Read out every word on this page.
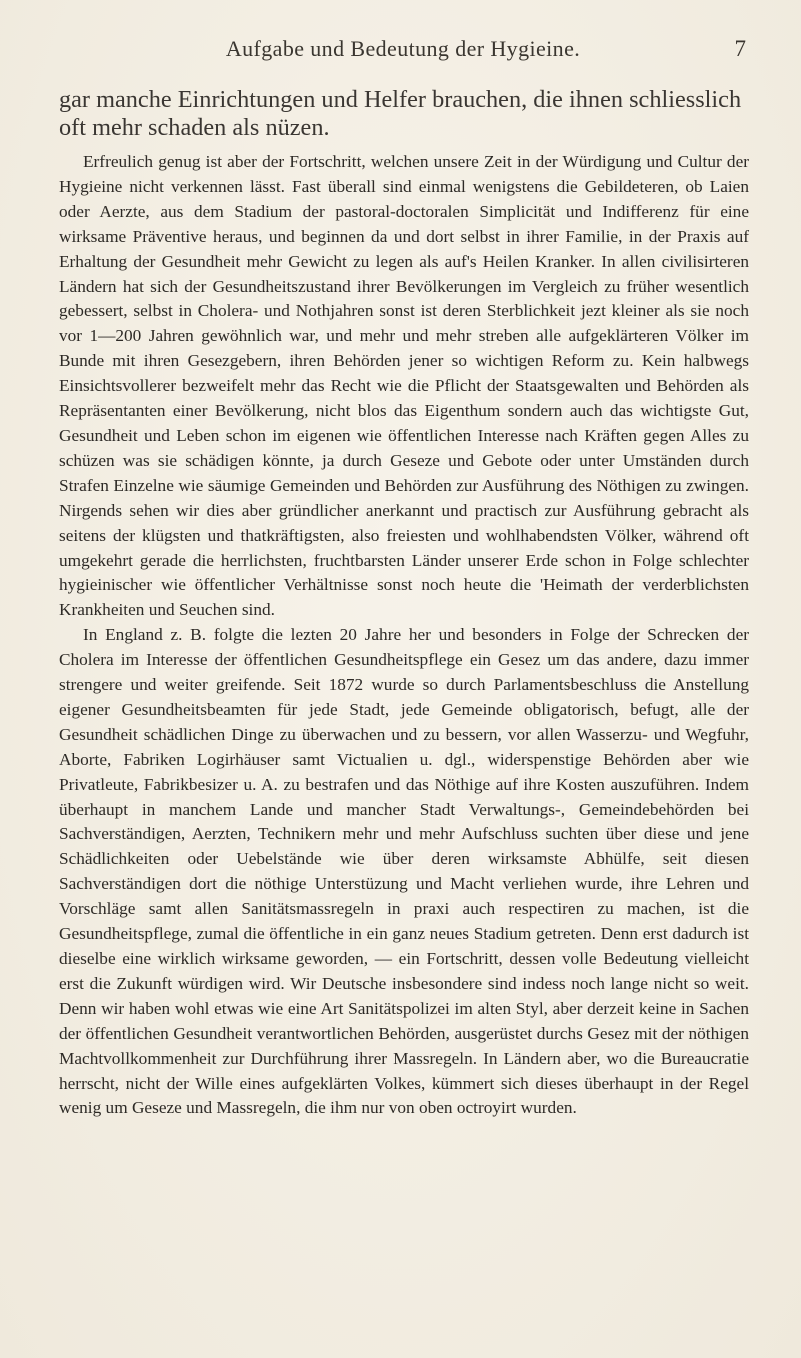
Aufgabe und Bedeutung der Hygieine.	7

gar manche Einrichtungen und Helfer brauchen, die ihnen schliesslich
oft mehr schaden als nüzen.

Erfreulich genug ist aber der Fortschritt, welchen unsere Zeit in der Würdigung und Cultur der Hygieine nicht verkennen lässt. Fast überall sind einmal wenigstens die Gebildeteren, ob Laien oder Aerzte, aus dem Stadium der pastoral-doctoralen Simplicität und Indifferenz für eine wirksame Präventive heraus, und beginnen da und dort selbst in ihrer Familie, in der Praxis auf Erhaltung der Gesundheit mehr Gewicht zu legen als auf's Heilen Kranker. In allen civilisirteren Ländern hat sich der Gesundheitszustand ihrer Bevölkerungen im Vergleich zu früher wesentlich gebessert, selbst in Cholera- und Nothjahren sonst ist deren Sterblichkeit jezt kleiner als sie noch vor 1—200 Jahren gewöhnlich war, und mehr und mehr streben alle aufgeklärteren Völker im Bunde mit ihren Gesezgebern, ihren Behörden jener so wichtigen Reform zu. Kein halbwegs Einsichtsvollerer bezweifelt mehr das Recht wie die Pflicht der Staatsgewalten und Behörden als Repräsentanten einer Bevölkerung, nicht blos das Eigenthum sondern auch das wichtigste Gut, Gesundheit und Leben schon im eigenen wie öffentlichen Interesse nach Kräften gegen Alles zu schüzen was sie schädigen könnte, ja durch Geseze und Gebote oder unter Umständen durch Strafen Einzelne wie säumige Gemeinden und Behörden zur Ausführung des Nöthigen zu zwingen. Nirgends sehen wir dies aber gründlicher anerkannt und practisch zur Ausführung gebracht als seitens der klügsten und thatkräftigsten, also freiesten und wohlhabendsten Völker, während oft umgekehrt gerade die herrlichsten, fruchtbarsten Länder unserer Erde schon in Folge schlechter hygieinischer wie öffentlicher Verhältnisse sonst noch heute die 'Heimath der verderblichsten Krankheiten und Seuchen sind.

In England z. B. folgte die lezten 20 Jahre her und besonders in Folge der Schrecken der Cholera im Interesse der öffentlichen Gesundheitspflege ein Gesez um das andere, dazu immer strengere und weiter greifende. Seit 1872 wurde so durch Parlamentsbeschluss die Anstellung eigener Gesundheitsbeamten für jede Stadt, jede Gemeinde obligatorisch, befugt, alle der Gesundheit schädlichen Dinge zu überwachen und zu bessern, vor allen Wasserzu- und Wegfuhr, Aborte, Fabriken Logirhäuser samt Victualien u. dgl., widerspenstige Behörden aber wie Privatleute, Fabrikbesizer u. A. zu bestrafen und das Nöthige auf ihre Kosten auszuführen. Indem überhaupt in manchem Lande und mancher Stadt Verwaltungs-, Gemeindebehörden bei Sachverständigen, Aerzten, Technikern mehr und mehr Aufschluss suchten über diese und jene Schädlichkeiten oder Uebelstände wie über deren wirksamste Abhülfe, seit diesen Sachverständigen dort die nöthige Unterstüzung und Macht verliehen wurde, ihre Lehren und Vorschläge samt allen Sanitätsmassregeln in praxi auch respectiren zu machen, ist die Gesundheitspflege, zumal die öffentliche in ein ganz neues Stadium getreten. Denn erst dadurch ist dieselbe eine wirklich wirksame geworden, — ein Fortschritt, dessen volle Bedeutung vielleicht erst die Zukunft würdigen wird. Wir Deutsche insbesondere sind indess noch lange nicht so weit. Denn wir haben wohl etwas wie eine Art Sanitätspolizei im alten Styl, aber derzeit keine in Sachen der öffentlichen Gesundheit verantwortlichen Behörden, ausgerüstet durchs Gesez mit der nöthigen Machtvollkommenheit zur Durchführung ihrer Massregeln. In Ländern aber, wo die Bureaucratie herrscht, nicht der Wille eines aufgeklärten Volkes, kümmert sich dieses überhaupt in der Regel wenig um Geseze und Massregeln, die ihm nur von oben octroyirt wurden.
